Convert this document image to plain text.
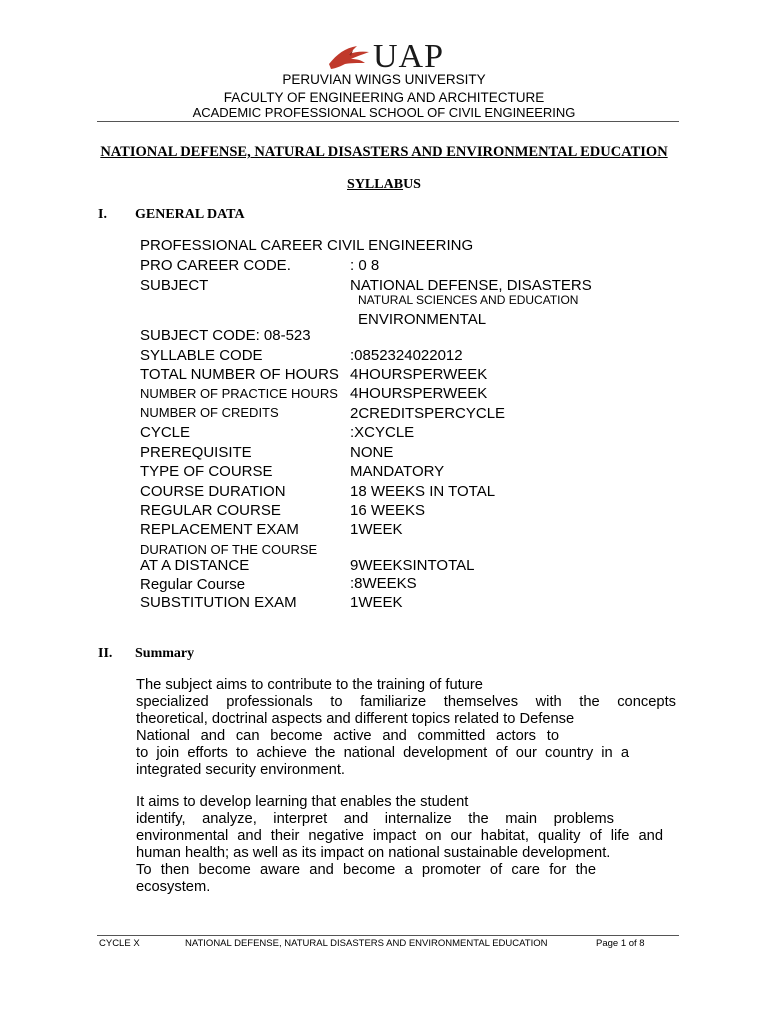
UAP
PERUVIAN WINGS UNIVERSITY
FACULTY OF ENGINEERING AND ARCHITECTURE
ACADEMIC PROFESSIONAL SCHOOL OF CIVIL ENGINEERING
NATIONAL DEFENSE, NATURAL DISASTERS AND ENVIRONMENTAL EDUCATION
SYLLABUS
I. GENERAL DATA
PROFESSIONAL CAREER CIVIL ENGINEERING
PRO CAREER CODE.	: 0 8
SUBJECT	NATIONAL DEFENSE, DISASTERS
NATURAL SCIENCES AND EDUCATION
ENVIRONMENTAL
SUBJECT CODE: 08-523
SYLLABLE CODE	:0852324022012
TOTAL NUMBER OF HOURS 4HOURSPERWEEK
NUMBER OF PRACTICE HOURS 4HOURSPERWEEK
NUMBER OF CREDITS	2CREDITSPERCYCLE
CYCLE	:XCYCLE
PREREQUISITE	NONE
TYPE OF COURSE	MANDATORY
COURSE DURATION	18 WEEKS IN TOTAL
REGULAR COURSE	16 WEEKS
REPLACEMENT EXAM	1WEEK
DURATION OF THE COURSE
AT A DISTANCE	9WEEKSINTOTAL
Regular Course	:8WEEKS
SUBSTITUTION EXAM	1WEEK
II. Summary
The subject aims to contribute to the training of future
specialized professionals to familiarize themselves with the concepts
theoretical, doctrinal aspects and different topics related to Defense
National and can become active and committed actors to
to join efforts to achieve the national development of our country in a
integrated security environment.
It aims to develop learning that enables the student
identify, analyze, interpret and internalize the main problems
environmental and their negative impact on our habitat, quality of life and
human health; as well as its impact on national sustainable development.
To then become aware and become a promoter of care for the
ecosystem.
CYCLE X	NATIONAL DEFENSE, NATURAL DISASTERS AND ENVIRONMENTAL EDUCATION	Page 1 of 8
